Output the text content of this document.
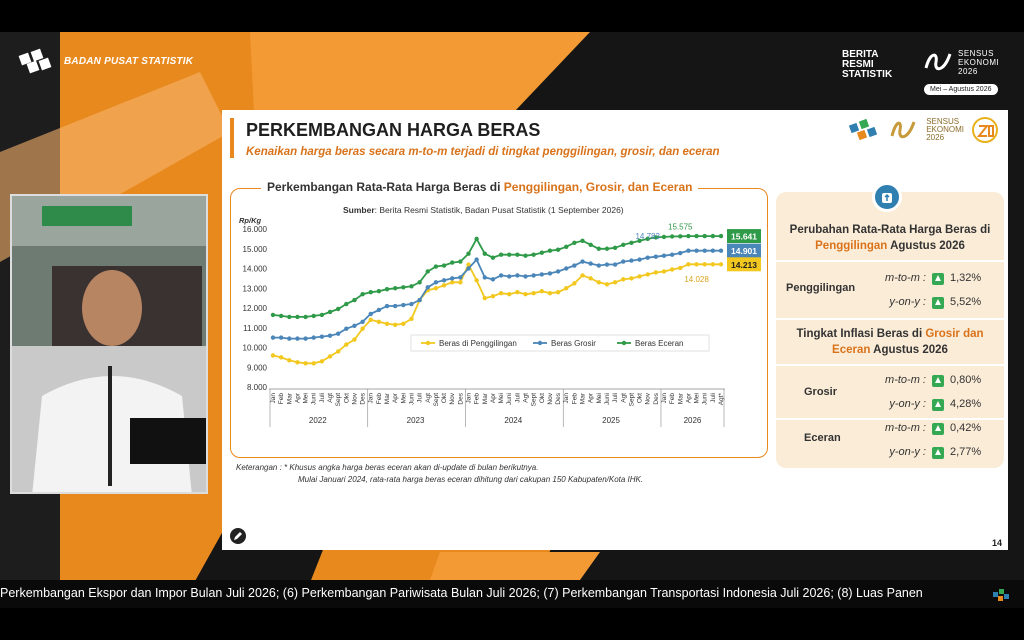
BADAN PUSAT STATISTIK
BERITA
RESMI
STATISTIK
SENSUS
EKONOMI
2026
Mei – Agustus 2026
PERKEMBANGAN HARGA BERAS
Kenaikan harga beras secara m-to-m terjadi di tingkat penggilingan, grosir, dan eceran
SENSUS
EKONOMI
2026
Perkembangan Rata-Rata Harga Beras di Penggilingan, Grosir, dan Eceran
Sumber: Berita Resmi Statistik, Badan Pusat Statistik (1 September 2026)
Rp/Kg
8.000
9.000
10.000
11.000
12.000
13.000
14.000
15.000
16.000
Jan Feb Mar Apr Mei Juni Juli Agt Sept Okt Nov Des Jan Feb Mar Apr Mei Juni Juli Agt Sept Okt Nov Des Jan Feb Mar Apr Mei Juni Juli Agt Sept Okt Nov Des Jan Feb Mar Apr Mei Juni Juli Agt Sept Okt Nov Des Jan Feb Mar Apr Mei Juni Juli Agt*
2022	2023	2024	2025	2026
15.641
14.901
14.213
15.575
14.783
14.028
Beras di Penggilingan	Beras Grosir	Beras Eceran
Keterangan : * Khusus angka harga beras eceran akan di-update di bulan berikutnya.
Mulai Januari 2024, rata-rata harga beras eceran dihitung dari cakupan 150 Kabupaten/Kota IHK.
Perubahan Rata-Rata Harga Beras di
Penggilingan Agustus 2026
Penggilingan
m-to-m : 1,32%
y-on-y : 5,52%
Tingkat Inflasi Beras di Grosir dan
Eceran Agustus 2026
Grosir
m-to-m : 0,80%
y-on-y : 4,28%
Eceran
m-to-m : 0,42%
y-on-y : 2,77%
14
Perkembangan Ekspor dan Impor Bulan Juli 2026; (6) Perkembangan Pariwisata Bulan Juli 2026; (7) Perkembangan Transportasi Indonesia Juli 2026; (8) Luas Panen
